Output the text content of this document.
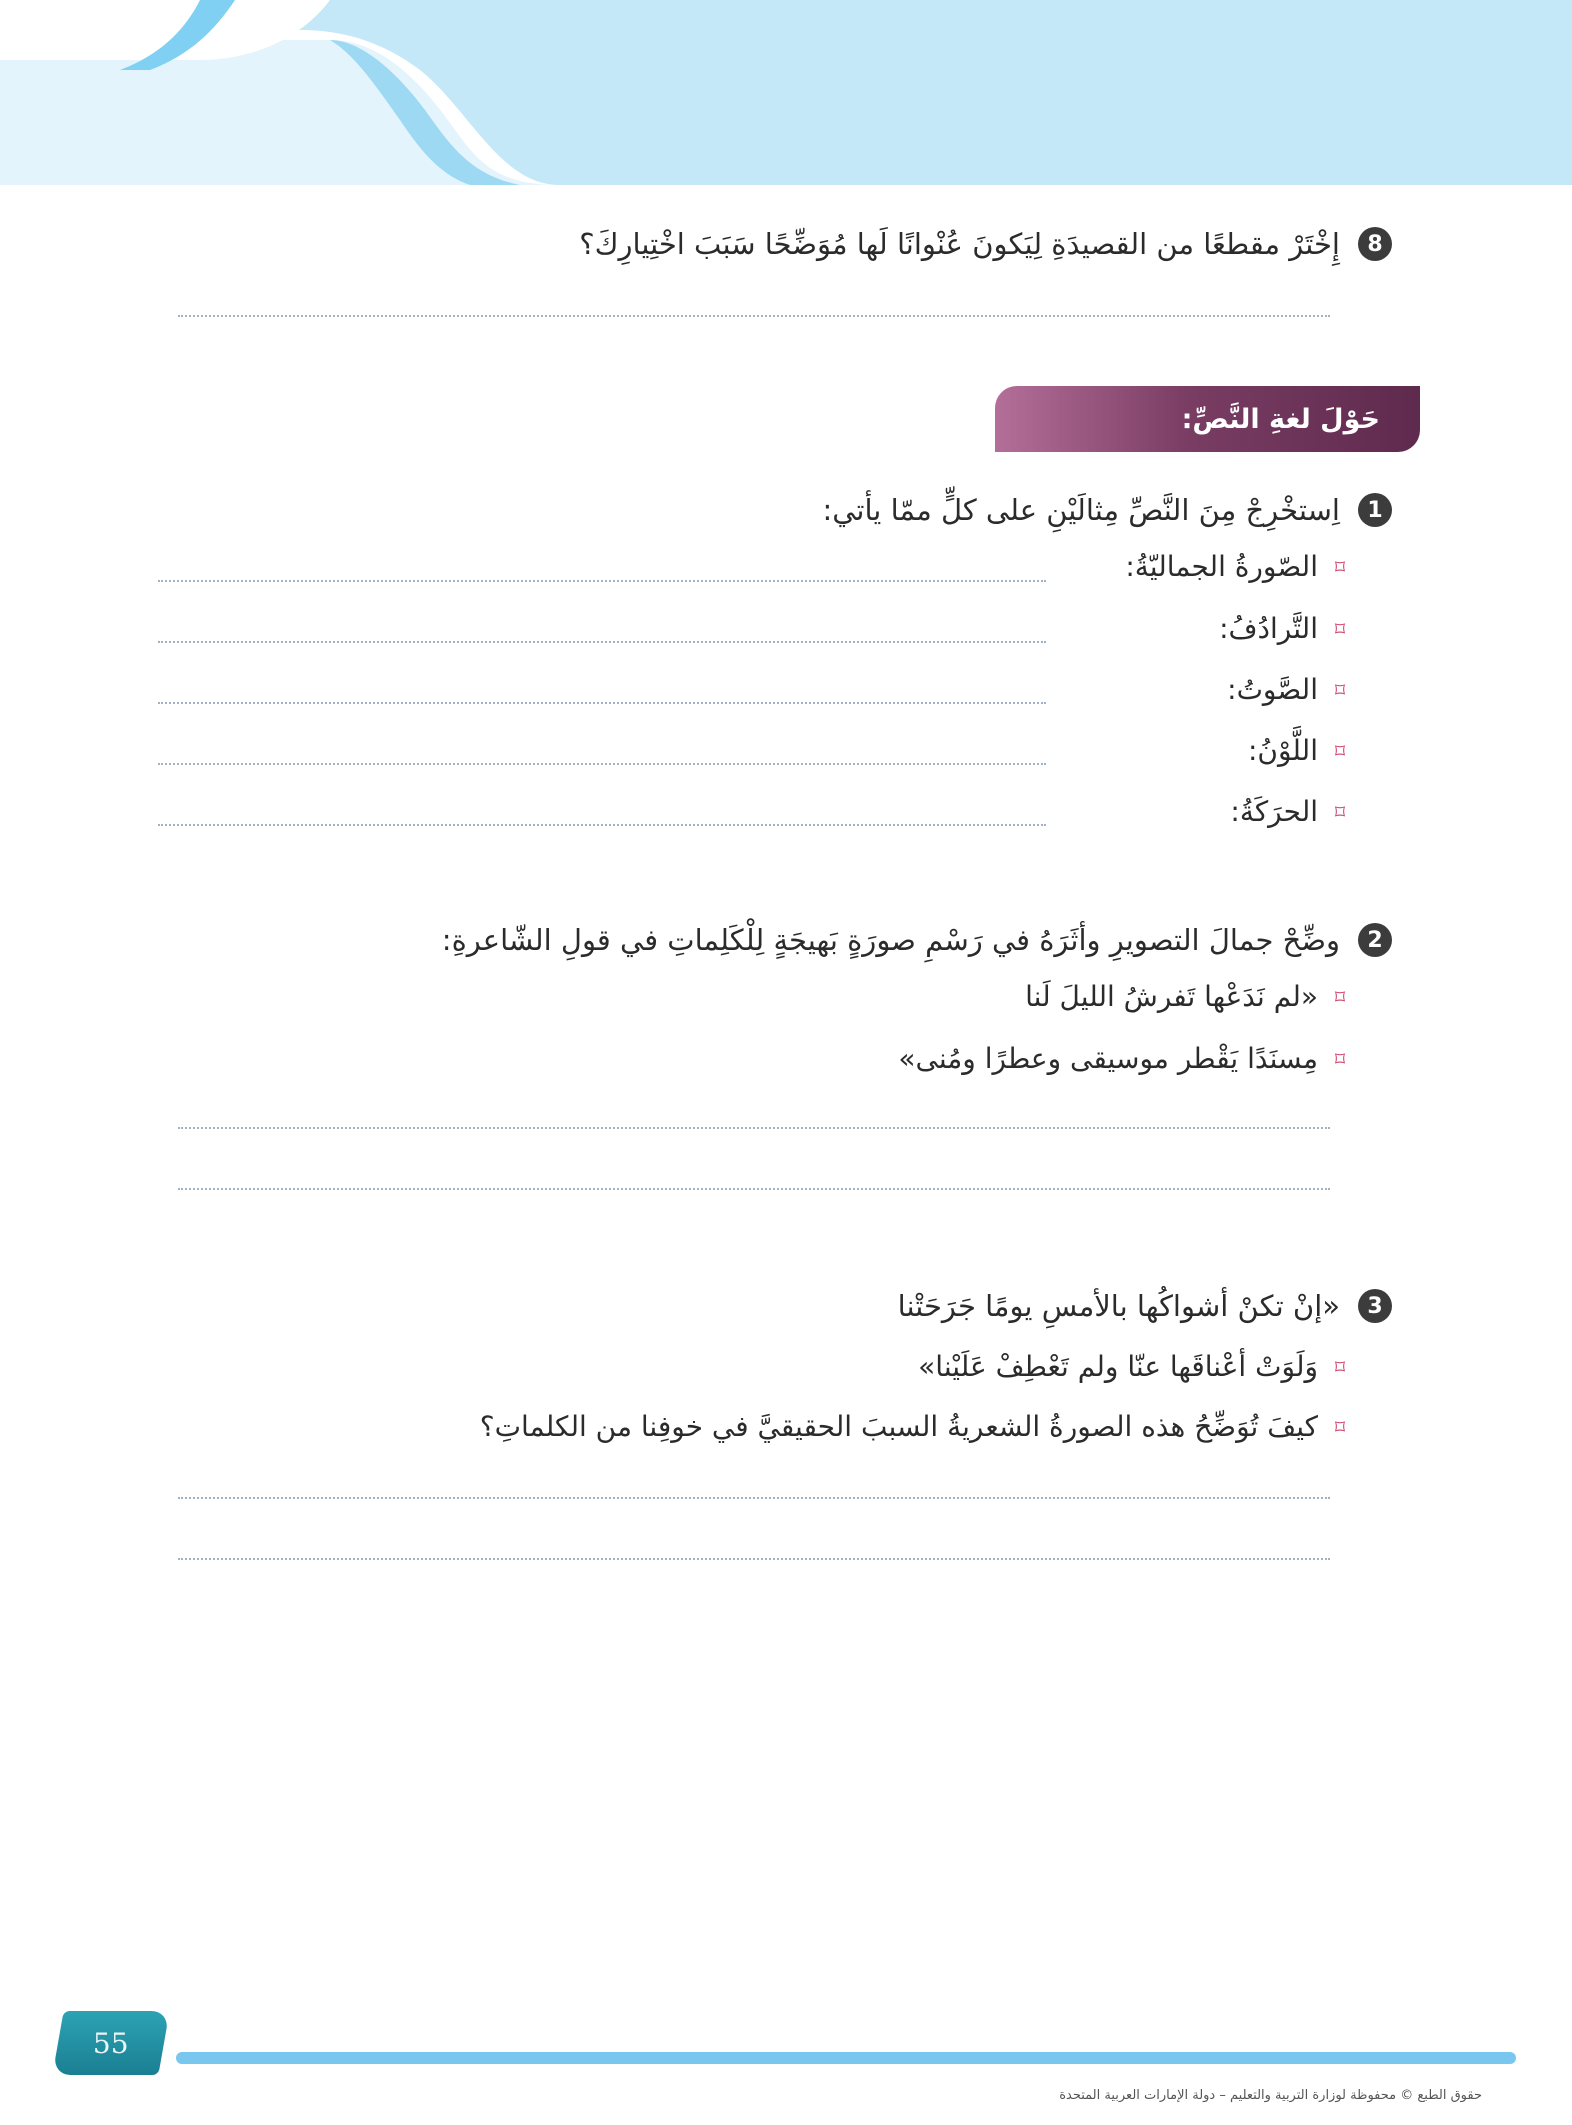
8
إِخْتَرْ مقطعًا من القصيدَةِ لِيَكونَ عُنْوانًا لَها مُوَضِّحًا سَبَبَ اخْتِيارِكَ؟
حَوْلَ لغةِ النَّصِّ:
1
اِستخْرِجْ مِنَ النَّصِّ مِثالَيْنِ على كلٍّ ممّا يأتي:
⌑
الصّورةُ الجماليّةُ:
⌑
التَّرادُفُ:
⌑
الصَّوتُ:
⌑
اللَّوْنُ:
⌑
الحرَكَةُ:
2
وضِّحْ جمالَ التصويرِ وأثَرَهُ في رَسْمِ صورَةٍ بَهيجَةٍ لِلْكَلِماتِ في قولِ الشّاعرةِ:
⌑
«لم نَدَعْها تَفرشُ الليلَ لَنا
⌑
مِسنَدًا يَقْطر موسيقى وعطرًا ومُنى»
3
«إنْ تكنْ أشواكُها بالأمسِ يومًا جَرَحَتْنا
⌑
وَلَوَتْ أعْناقَها عنّا ولم تَعْطِفْ عَلَيْنا»
⌑
كيفَ تُوَضِّحُ هذه الصورةُ الشعريةُ السببَ الحقيقيَّ في خوفِنا من الكلماتِ؟
55
حقوق الطبع © محفوظة لوزارة التربية والتعليم – دولة الإمارات العربية المتحدة
